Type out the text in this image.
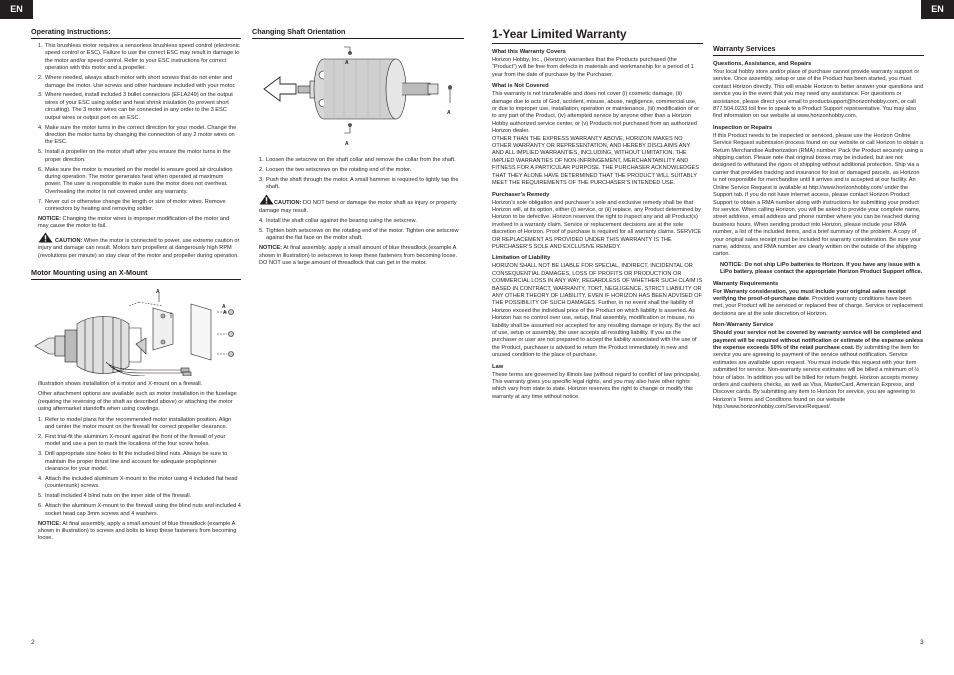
EN	EN
Operating Instructions:
1. This brushless motor requires a sensorless brushless speed control (electronic speed control or ESC). Failure to use the correct ESC may result in damage to the motor and/or speed control. Refer to your ESC instructions for correct operation with this motor and a propeller.
2. Where needed, always attach motor with short screws that do not enter and damage the motor. Use screws and other hardware included with your motor.
3. Where needed, install included 3 bullet connectors (EFLA249) on the output wires of your ESC using solder and heat shrink insulation (to prevent short circuiting). The 3 motor wires can be connected in any order to the 3 ESC output wires or output port on an ESC.
4. Make sure the motor turns in the correct direction for your model. Change the direction the motor turns by changing the connection of any 2 motor wires on the ESC.
5. Install a propeller on the motor shaft after you ensure the motor turns in the proper direction.
6. Make sure the motor is mounted on the model to ensure good air circulation during operation. The motor generates heat when operated at maximum power. The user is responsible to make sure the motor does not overheat. Overheating the motor is not covered under any warranty.
7. Never cut or otherwise change the length or size of motor wires. Remove connectors by heating and removing solder.

NOTICE: Changing the motor wires is improper modification of the motor and may cause the motor to fail.

CAUTION: When the motor is connected to power, use extreme caution or injury and damage can result. Motors turn propellers at dangerously high RPM (revolutions per minute) so stay clear of the motor and propeller during operation.

Motor Mounting using an X-Mount
A
A
A

Illustration shows installation of a motor and X-mount on a firewall.

Other attachment options are available such as motor installation in the fuselage (requiring the reversing of the shaft as described above) or attaching the motor using aftermarket standoffs when using cowlings.

1. Refer to model plans for the recommended motor installation position. Align and center the motor mount on the firewall for correct propeller clearance.
2. First trial-fit the aluminum X-mount against the front of the firewall of your model and use a pen to mark the locations of the four screw holes.
3. Drill appropriate size holes to fit the included blind nuts. Always be sure to maintain the proper thrust line and account for adequate prop/spinner clearance for your model.
4. Attach the included aluminum X-mount to the motor using 4 included flat head (countersunk) screws.
5. Install included 4 blind nuts on the inner side of the firewall.
6. Attach the aluminum X-mount to the firewall using the blind nuts and included 4 socket head cap 3mm screws and 4 washers.

NOTICE: At final assembly, apply a small amount of blue threadlock (example A shown in illustration) to screws and bolts to keep these fasteners from becoming loose.

Changing Shaft Orientation
A
A
A
1. Loosen the setscrew on the shaft collar and remove the collar from the shaft.
2. Loosen the two setscrews on the rotating end of the motor.
3. Push the shaft through the motor. A small hammer is required to lightly tap the shaft.

CAUTION: DO NOT bend or damage the motor shaft as injury or property damage may result.

4. Install the shaft collar against the bearing using the setscrew.
5. Tighten both setscrews on the rotating end of the motor. Tighten one setscrew against the flat face on the motor shaft.

NOTICE: At final assembly, apply a small amount of blue threadlock (example A shown in illustration) to setscrews to keep these fasteners from becoming loose. DO NOT use a large amount of threadlock that can get in the motor.

1-Year Limited Warranty
What this Warranty Covers

Horizon Hobby, Inc., (Horizon) warranties that the Products purchased (the “Product”) will be free from defects in materials and workmanship for a period of 1 year from the date of purchase by the Purchaser.

What is Not Covered

This warranty is not transferable and does not cover (i) cosmetic damage, (ii) damage due to acts of God, accident, misuse, abuse, negligence, commercial use, or due to improper use, installation, operation or maintenance, (iii) modification of or to any part of the Product, (iv) attempted service by anyone other than a Horizon Hobby authorized service center, or (v) Products not purchased from an authorized Horizon dealer.

OTHER THAN THE EXPRESS WARRANTY ABOVE, HORIZON MAKES NO OTHER WARRANTY OR REPRESENTATION, AND HEREBY DISCLAIMS ANY AND ALL IMPLIED WARRANTIES, INCLUDING, WITHOUT LIMITATION, THE IMPLIED WARRANTIES OF NON-INFRINGEMENT, MERCHANTABILITY AND FITNESS FOR A PARTICULAR PURPOSE. THE PURCHASER ACKNOWLEDGES THAT THEY ALONE HAVE DETERMINED THAT THE PRODUCT WILL SUITABLY MEET THE REQUIREMENTS OF THE PURCHASER’S INTENDED USE.

Purchaser’s Remedy

Horizon’s sole obligation and purchaser’s sole and exclusive remedy shall be that Horizon will, at its option, either (i) service, or (ii) replace, any Product determined by Horizon to be defective. Horizon reserves the right to inspect any and all Product(s) involved in a warranty claim. Service or replacement decisions are at the sole discretion of Horizon. Proof of purchase is required for all warranty claims. SERVICE OR REPLACEMENT AS PROVIDED UNDER THIS WARRANTY IS THE PURCHASER’S SOLE AND EXCLUSIVE REMEDY.

Limitation of Liability

HORIZON SHALL NOT BE LIABLE FOR SPECIAL, INDIRECT, INCIDENTAL OR CONSEQUENTIAL DAMAGES, LOSS OF PROFITS OR PRODUCTION OR COMMERCIAL LOSS IN ANY WAY, REGARDLESS OF WHETHER SUCH CLAIM IS BASED IN CONTRACT, WARRANTY, TORT, NEGLIGENCE, STRICT LIABILITY OR ANY OTHER THEORY OF LIABILITY, EVEN IF HORIZON HAS BEEN ADVISED OF THE POSSIBILITY OF SUCH DAMAGES. Further, in no event shall the liability of Horizon exceed the individual price of the Product on which liability is asserted. As Horizon has no control over use, setup, final assembly, modification or misuse, no liability shall be assumed nor accepted for any resulting damage or injury. By the act of use, setup or assembly, the user accepts all resulting liability. If you as the purchaser or user are not prepared to accept the liability associated with the use of the Product, purchaser is advised to return the Product immediately in new and unused condition to the place of purchase.

Law

These terms are governed by Illinois law (without regard to conflict of law principals). This warranty gives you specific legal rights, and you may also have other rights which vary from state to state. Horizon reserves the right to change or modify this warranty at any time without notice.

Warranty Services
Questions, Assistance, and Repairs

Your local hobby store and/or place of purchase cannot provide warranty support or service. Once assembly, setup or use of the Product has been started, you must contact Horizon directly. This will enable Horizon to better answer your questions and service you in the event that you may need any assistance. For questions or assistance, please direct your email to productsupport@horizonhobby.com, or call 877.504.0233 toll free to speak to a Product Support representative. You may also find information on our website at www.horizonhobby.com.

Inspection or Repairs

If this Product needs to be inspected or serviced, please use the Horizon Online Service Request submission process found on our website or call Horizon to obtain a Return Merchandise Authorization (RMA) number. Pack the Product securely using a shipping carton. Please note that original boxes may be included, but are not designed to withstand the rigors of shipping without additional protection. Ship via a carrier that provides tracking and insurance for lost or damaged parcels, as Horizon is not responsible for merchandise until it arrives and is accepted at our facility. An Online Service Request is available at http://www.horizonhobby.com/ under the Support tab. If you do not have internet access, please contact Horizon Product Support to obtain a RMA number along with instructions for submitting your product for service. When calling Horizon, you will be asked to provide your complete name, street address, email address and phone number where you can be reached during business hours. When sending product into Horizon, please include your RMA number, a list of the included items, and a brief summary of the problem. A copy of your original sales receipt must be included for warranty consideration. Be sure your name, address, and RMA number are clearly written on the outside of the shipping carton.

NOTICE: Do not ship LiPo batteries to Horizon. If you have any issue with a LiPo battery, please contact the appropriate Horizon Product Support office.

Warranty Requirements

For Warranty consideration, you must include your original sales receipt verifying the proof-of-purchase date. Provided warranty conditions have been met, your Product will be serviced or replaced free of charge. Service or replacement decisions are at the sole discretion of Horizon.

Non-Warranty Service

Should your service not be covered by warranty service will be completed and payment will be required without notification or estimate of the expense unless the expense exceeds 50% of the retail purchase cost. By submitting the item for service you are agreeing to payment of the service without notification. Service estimates are available upon request. You must include this request with your item submitted for service. Non-warranty service estimates will be billed a minimum of ½ hour of labor. In addition you will be billed for return freight. Horizon accepts money orders and cashiers checks, as well as Visa, MasterCard, American Express, and Discover cards. By submitting any item to Horizon for service, you are agreeing to Horizon’s Terms and Conditions found on our website http://www.horizonhobby.com/Service/Request/.

2	3
